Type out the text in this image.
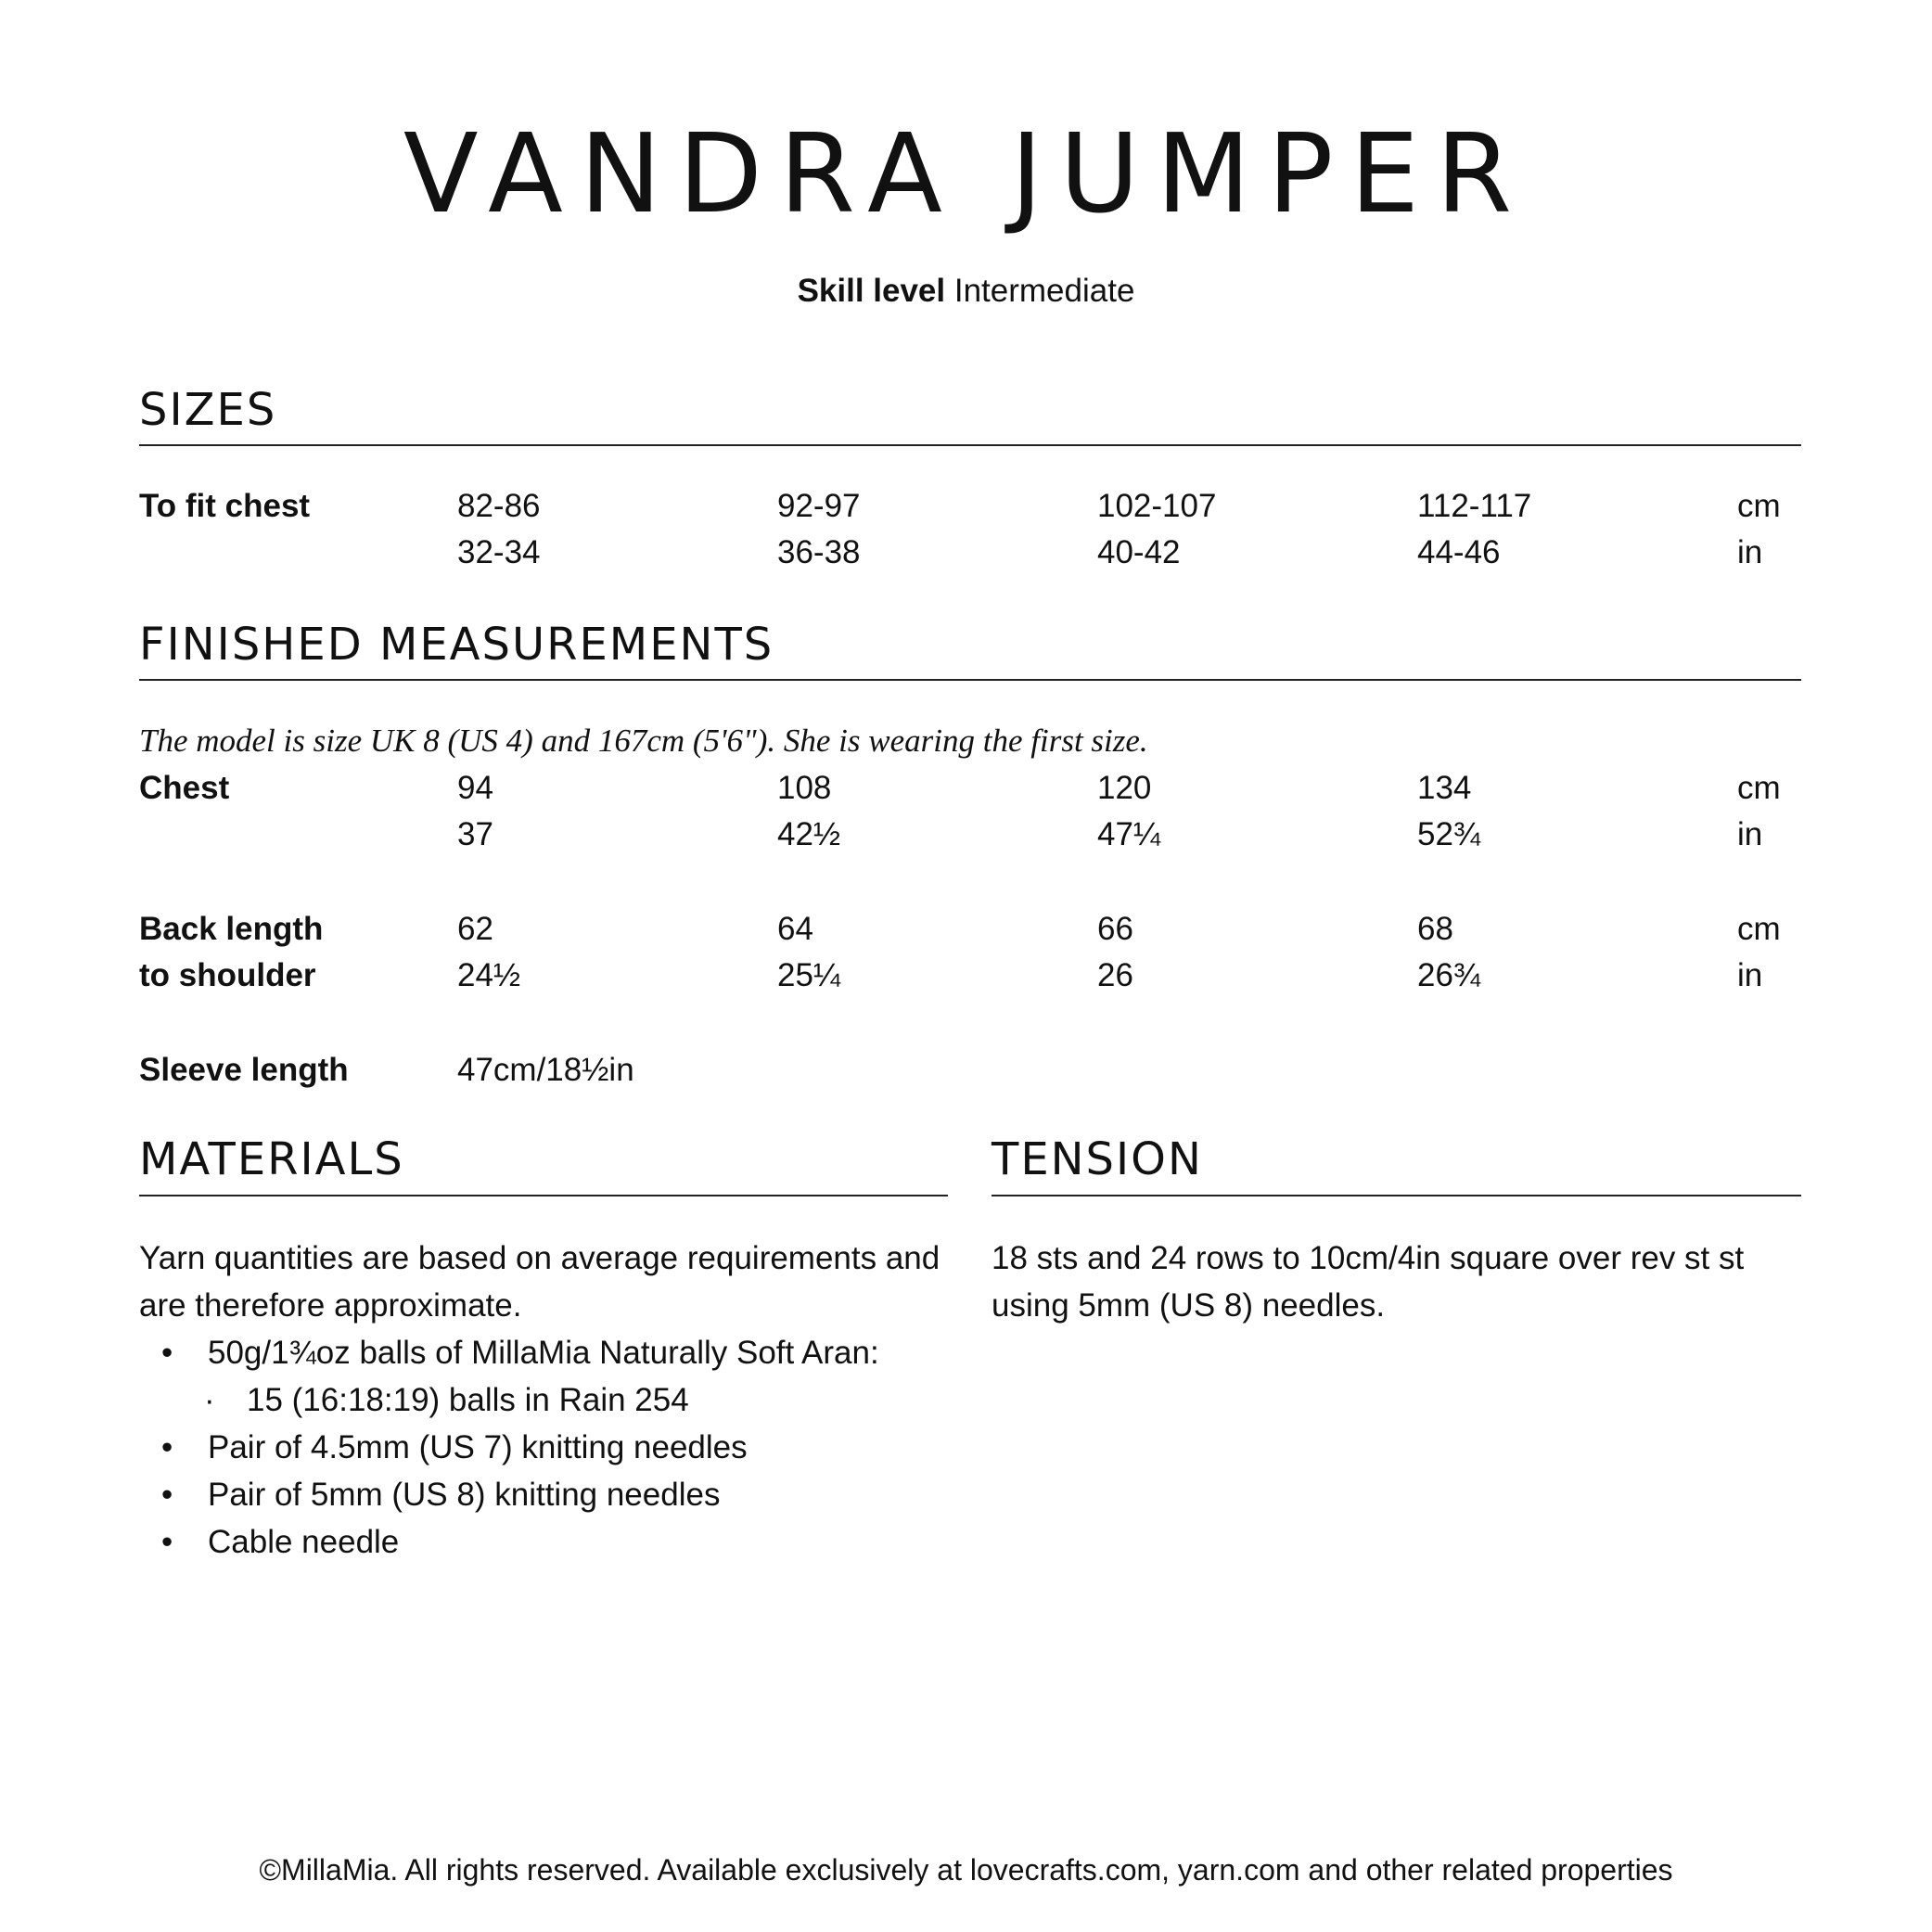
VANDRA JUMPER
Skill level Intermediate
SIZES
To fit chest	82-86	92-97	102-107	112-117	cm
32-34	36-38	40-42	44-46	in
FINISHED MEASUREMENTS
The model is size UK 8 (US 4) and 167cm (5'6"). She is wearing the first size.
Chest	94	108	120	134	cm
37	42½	47¼	52¾	in
Back length
to shoulder
62	64	66	68	cm
24½	25¼	26	26¾	in
Sleeve length	47cm/18½in
MATERIALS
Yarn quantities are based on average requirements and
are therefore approximate.
• 50g/1¾oz balls of MillaMia Naturally Soft Aran:
· 15 (16:18:19) balls in Rain 254
• Pair of 4.5mm (US 7) knitting needles
• Pair of 5mm (US 8) knitting needles
• Cable needle
TENSION
18 sts and 24 rows to 10cm/4in square over rev st st
using 5mm (US 8) needles.
©MillaMia. All rights reserved. Available exclusively at lovecrafts.com, yarn.com and other related properties
